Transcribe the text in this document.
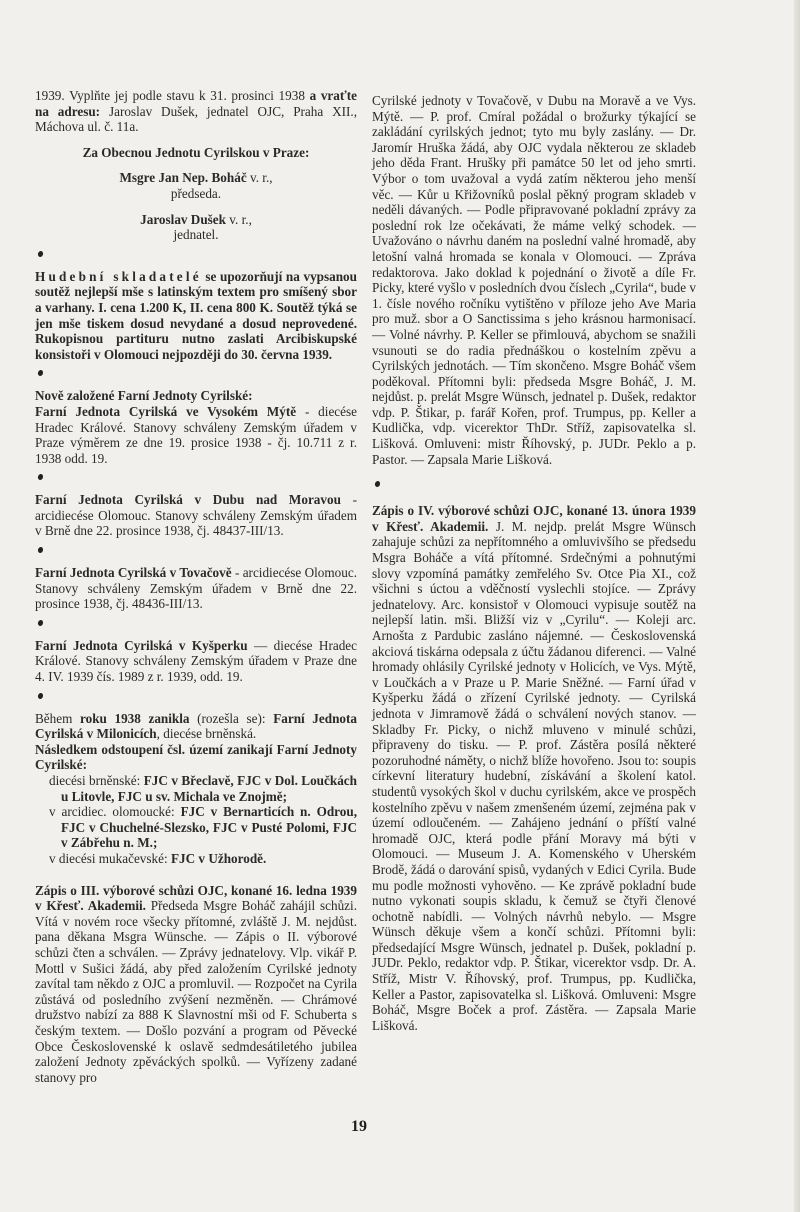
1939. Vyplňte jej podle stavu k 31. prosinci 1938 a vraťte na adresu: Jaroslav Dušek, jednatel OJC, Praha XII., Máchova ul. č. 11a.

Za Obecnou Jednotu Cyrilskou v Praze:

Msgre Jan Nep. Boháč v. r.,
předseda.

Jaroslav Dušek v. r.,
jednatel.

Hudební skladatelé se upozorňují na vypsanou soutěž nejlepší mše s latinským textem pro smíšený sbor a varhany. I. cena 1.200 K, II. cena 800 K. Soutěž týká se jen mše tiskem dosud nevydané a dosud neprovedené. Rukopisnou partituru nutno zaslati Arcibiskupské konsistoři v Olomouci nejpozději do 30. června 1939.

Nově založené Farní Jednoty Cyrilské:

Farní Jednota Cyrilská ve Vysokém Mýtě - diecése Hradec Králové. Stanovy schváleny Zemským úřadem v Praze výměrem ze dne 19. prosice 1938 - čj. 10.711 z r. 1938 odd. 19.

Farní Jednota Cyrilská v Dubu nad Moravou - arcidiecése Olomouc. Stanovy schváleny Zemským úřadem v Brně dne 22. prosince 1938, čj. 48437-III/13.

Farní Jednota Cyrilská v Tovačově - arcidiecése Olomouc. Stanovy schváleny Zemským úřadem v Brně dne 22. prosince 1938, čj. 48436-III/13.

Farní Jednota Cyrilská v Kyšperku — diecése Hradec Králové. Stanovy schváleny Zemským úřadem v Praze dne 4. IV. 1939 čís. 1989 z r. 1939, odd. 19.

Během roku 1938 zanikla (rozešla se): Farní Jednota Cyrilská v Milonicích, diecése brněnská.

Následkem odstoupení čsl. území zanikají Farní Jednoty Cyrilské:

diecési brněnské: FJC v Břeclavě, FJC v Dol. Loučkách u Litovle, FJC u sv. Michala ve Znojmě;

v arcidiec. olomoucké: FJC v Bernarticích n. Odrou, FJC v Chuchelné-Slezsko, FJC v Pusté Polomi, FJC v Zábřehu n. M.;

v diecési mukačevské: FJC v Užhorodě.

Zápis o III. výborové schůzi OJC, konané 16. ledna 1939 v Křesť. Akademii. Předseda Msgre Boháč zahájil schůzi. Vítá v novém roce všecky přítomné, zvláště J. M. nejdůst. pana děkana Msgra Wünsche. — Zápis o II. výborové schůzi čten a schválen. — Zprávy jednatelovy. Vlp. vikář P. Mottl v Sušici žádá, aby před založením Cyrilské jednoty zavítal tam někdo z OJC a promluvil. — Rozpočet na Cyrila zůstává od posledního zvýšení nezměněn. — Chrámové družstvo nabízí za 888 K Slavnostní mši od F. Schuberta s českým textem. — Došlo pozvání a program od Pěvecké Obce Československé k oslavě sedmdesátiletého jubilea založení Jednoty zpěváckých spolků. — Vyřízeny zadané stanovy pro

Cyrilské jednoty v Tovačově, v Dubu na Moravě a ve Vys. Mýtě. — P. prof. Cmíral požádal o brožurky týkající se zakládání cyrilských jednot; tyto mu byly zaslány. — Dr. Jaromír Hruška žádá, aby OJC vydala některou ze skladeb jeho děda Frant. Hrušky při památce 50 let od jeho smrti. Výbor o tom uvažoval a vydá zatím některou jeho menší věc. — Kůr u Křižovníků poslal pěkný program skladeb v neděli dávaných. — Podle připravované pokladní zprávy za poslední rok lze očekávati, že máme velký schodek. — Uvažováno o návrhu daném na poslední valné hromadě, aby letošní valná hromada se konala v Olomouci. — Zpráva redaktorova. Jako doklad k pojednání o životě a díle Fr. Picky, které vyšlo v posledních dvou číslech „Cyrila“, bude v 1. čísle nového ročníku vytištěno v příloze jeho Ave Maria pro muž. sbor a O Sanctissima s jeho krásnou harmonisací. — Volné návrhy. P. Keller se přimlouvá, abychom se snažili vsunouti se do radia přednáškou o kostelním zpěvu a Cyrilských jednotách. — Tím skončeno. Msgre Boháč všem poděkoval. Přítomni byli: předseda Msgre Boháč, J. M. nejdůst. p. prelát Msgre Wünsch, jednatel p. Dušek, redaktor vdp. P. Štikar, p. farář Kořen, prof. Trumpus, pp. Keller a Kudlička, vdp. vicerektor ThDr. Stříž, zapisovatelka sl. Lišková. Omluveni: mistr Říhovský, p. JUDr. Peklo a p. Pastor. — Zapsala Marie Lišková.

Zápis o IV. výborové schůzi OJC, konané 13. února 1939 v Křesť. Akademii. J. M. nejdp. prelát Msgre Wünsch zahajuje schůzi za nepřítomného a omluvivšího se předsedu Msgra Boháče a vítá přítomné. Srdečnými a pohnutými slovy vzpomíná památky zemřelého Sv. Otce Pia XI., což všichni s úctou a vděčností vyslechli stojíce. — Zprávy jednatelovy. Arc. konsistoř v Olomouci vypisuje soutěž na nejlepší latin. mši. Bližší viz v „Cyrilu“. — Koleji arc. Arnošta z Pardubic zasláno nájemné. — Československá akciová tiskárna odepsala z účtu žádanou diferenci. — Valné hromady ohlásily Cyrilské jednoty v Holicích, ve Vys. Mýtě, v Loučkách a v Praze u P. Marie Sněžné. — Farní úřad v Kyšperku žádá o zřízení Cyrilské jednoty. — Cyrilská jednota v Jimramově žádá o schválení nových stanov. — Skladby Fr. Picky, o nichž mluveno v minulé schůzi, připraveny do tisku. — P. prof. Zástěra posílá některé pozoruhodné náměty, o nichž blíže hovořeno. Jsou to: soupis církevní literatury hudební, získávání a školení katol. studentů vysokých škol v duchu cyrilském, akce ve prospěch kostelního zpěvu v našem zmenšeném území, zejména pak v území odloučeném. — Zahájeno jednání o příští valné hromadě OJC, která podle přání Moravy má býti v Olomouci. — Museum J. A. Komenského v Uherském Brodě, žádá o darování spisů, vydaných v Edici Cyrila. Bude mu podle možnosti vyhověno. — Ke zprávě pokladní bude nutno vykonati soupis skladu, k čemuž se čtyři členové ochotně nabídli. — Volných návrhů nebylo. — Msgre Wünsch děkuje všem a končí schůzi. Přítomni byli: předsedající Msgre Wünsch, jednatel p. Dušek, pokladní p. JUDr. Peklo, redaktor vdp. P. Štikar, vicerektor vsdp. Dr. A. Stříž, Mistr V. Říhovský, prof. Trumpus, pp. Kudlička, Keller a Pastor, zapisovatelka sl. Lišková. Omluveni: Msgre Boháč, Msgre Boček a prof. Zástěra. — Zapsala Marie Lišková.

19
